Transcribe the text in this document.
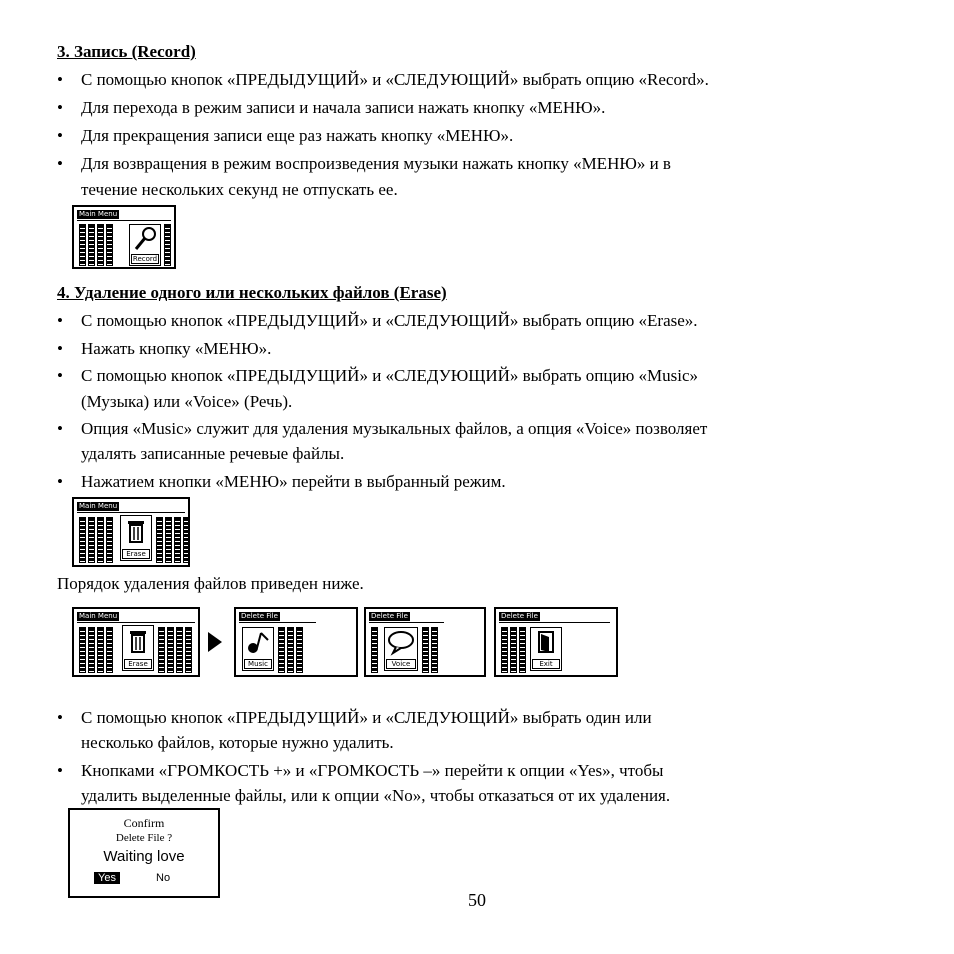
3. Запись (Record)
• С помощью кнопок «ПРЕДЫДУЩИЙ» и «СЛЕДУЮЩИЙ» выбрать опцию «Record».
• Для перехода в режим записи и начала записи нажать кнопку «МЕНЮ».
• Для прекращения записи еще раз нажать кнопку «МЕНЮ».
• Для возвращения в режим воспроизведения музыки нажать кнопку «МЕНЮ» и в
течение нескольких секунд не отпускать ее.
Main Menu
Record
4. Удаление одного или нескольких файлов (Erase)
• С помощью кнопок «ПРЕДЫДУЩИЙ» и «СЛЕДУЮЩИЙ» выбрать опцию «Erase».
• Нажать кнопку «МЕНЮ».
• С помощью кнопок «ПРЕДЫДУЩИЙ» и «СЛЕДУЮЩИЙ» выбрать опцию «Music»
(Музыка) или «Voice» (Речь).
• Опция «Music» служит для удаления музыкальных файлов, а опция «Voice» позволяет
удалять записанные речевые файлы.
• Нажатием кнопки «МЕНЮ» перейти в выбранный режим.
Main Menu
Erase
Порядок удаления файлов приведен ниже.
Main Menu
Erase
Delete File
Music
Delete File
Voice
Delete File
Exit
• С помощью кнопок «ПРЕДЫДУЩИЙ» и «СЛЕДУЮЩИЙ» выбрать один или
несколько файлов, которые нужно удалить.
• Кнопками «ГРОМКОСТЬ +» и «ГРОМКОСТЬ –» перейти к опции «Yes», чтобы
удалить выделенные файлы, или к опции «No», чтобы отказаться от их удаления.
Confirm
Delete File ?
Waiting love
Yes	No
50
